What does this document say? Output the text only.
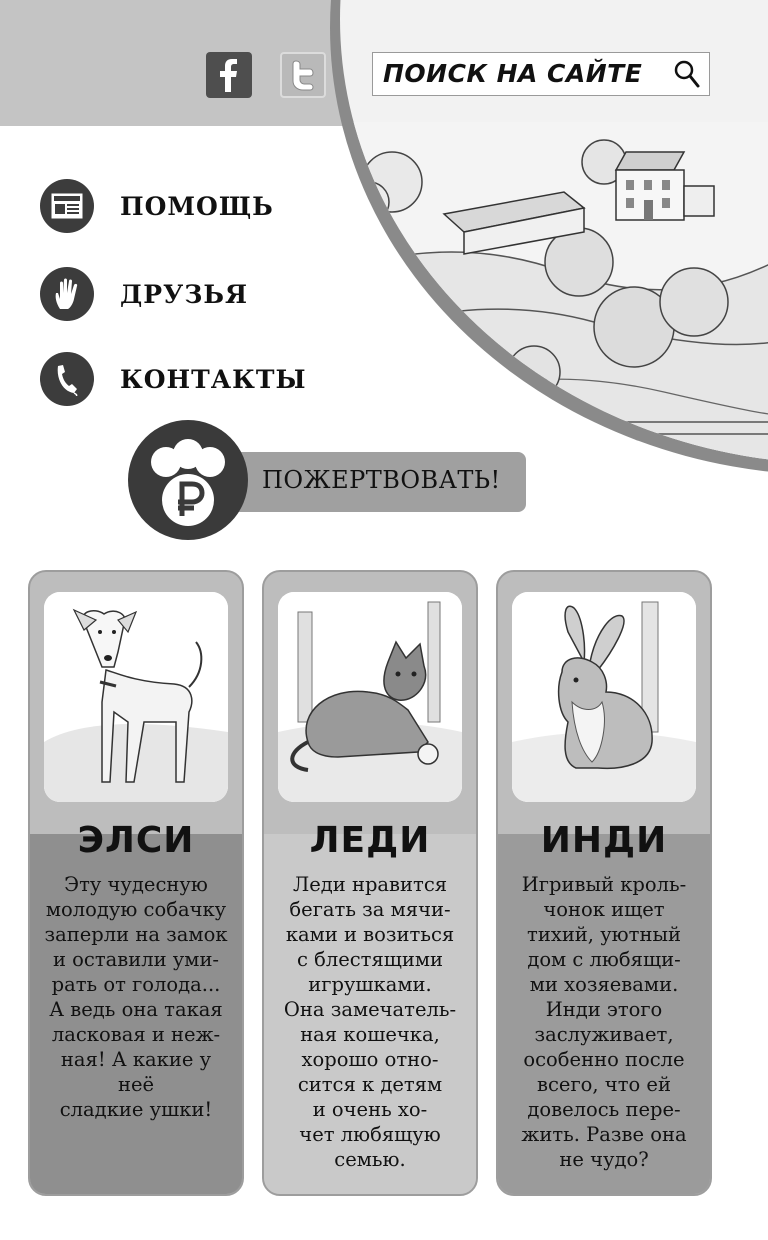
ПОИСК НА САЙТЕ
ПОМОЩЬ
ДРУЗЬЯ
КОНТАКТЫ
ПОЖЕРТВОВАТЬ!
ЭЛСИ
Эту чудесную
молодую собачку
заперли на замок
и оставили уми-
рать от голода...
А ведь она такая
ласковая и неж-
ная! А какие у неё
сладкие ушки!
ЛЕДИ
Леди нравится
бегать за мячи-
ками и возиться
с блестящими
игрушками.
Она замечатель-
ная кошечка,
хорошо отно-
сится к детям
и очень хо-
чет любящую
семью.
ИНДИ
Игривый кроль-
чонок ищет
тихий, уютный
дом с любящи-
ми хозяевами.
Инди этого
заслуживает,
особенно после
всего, что ей
довелось пере-
жить. Разве она
не чудо?
